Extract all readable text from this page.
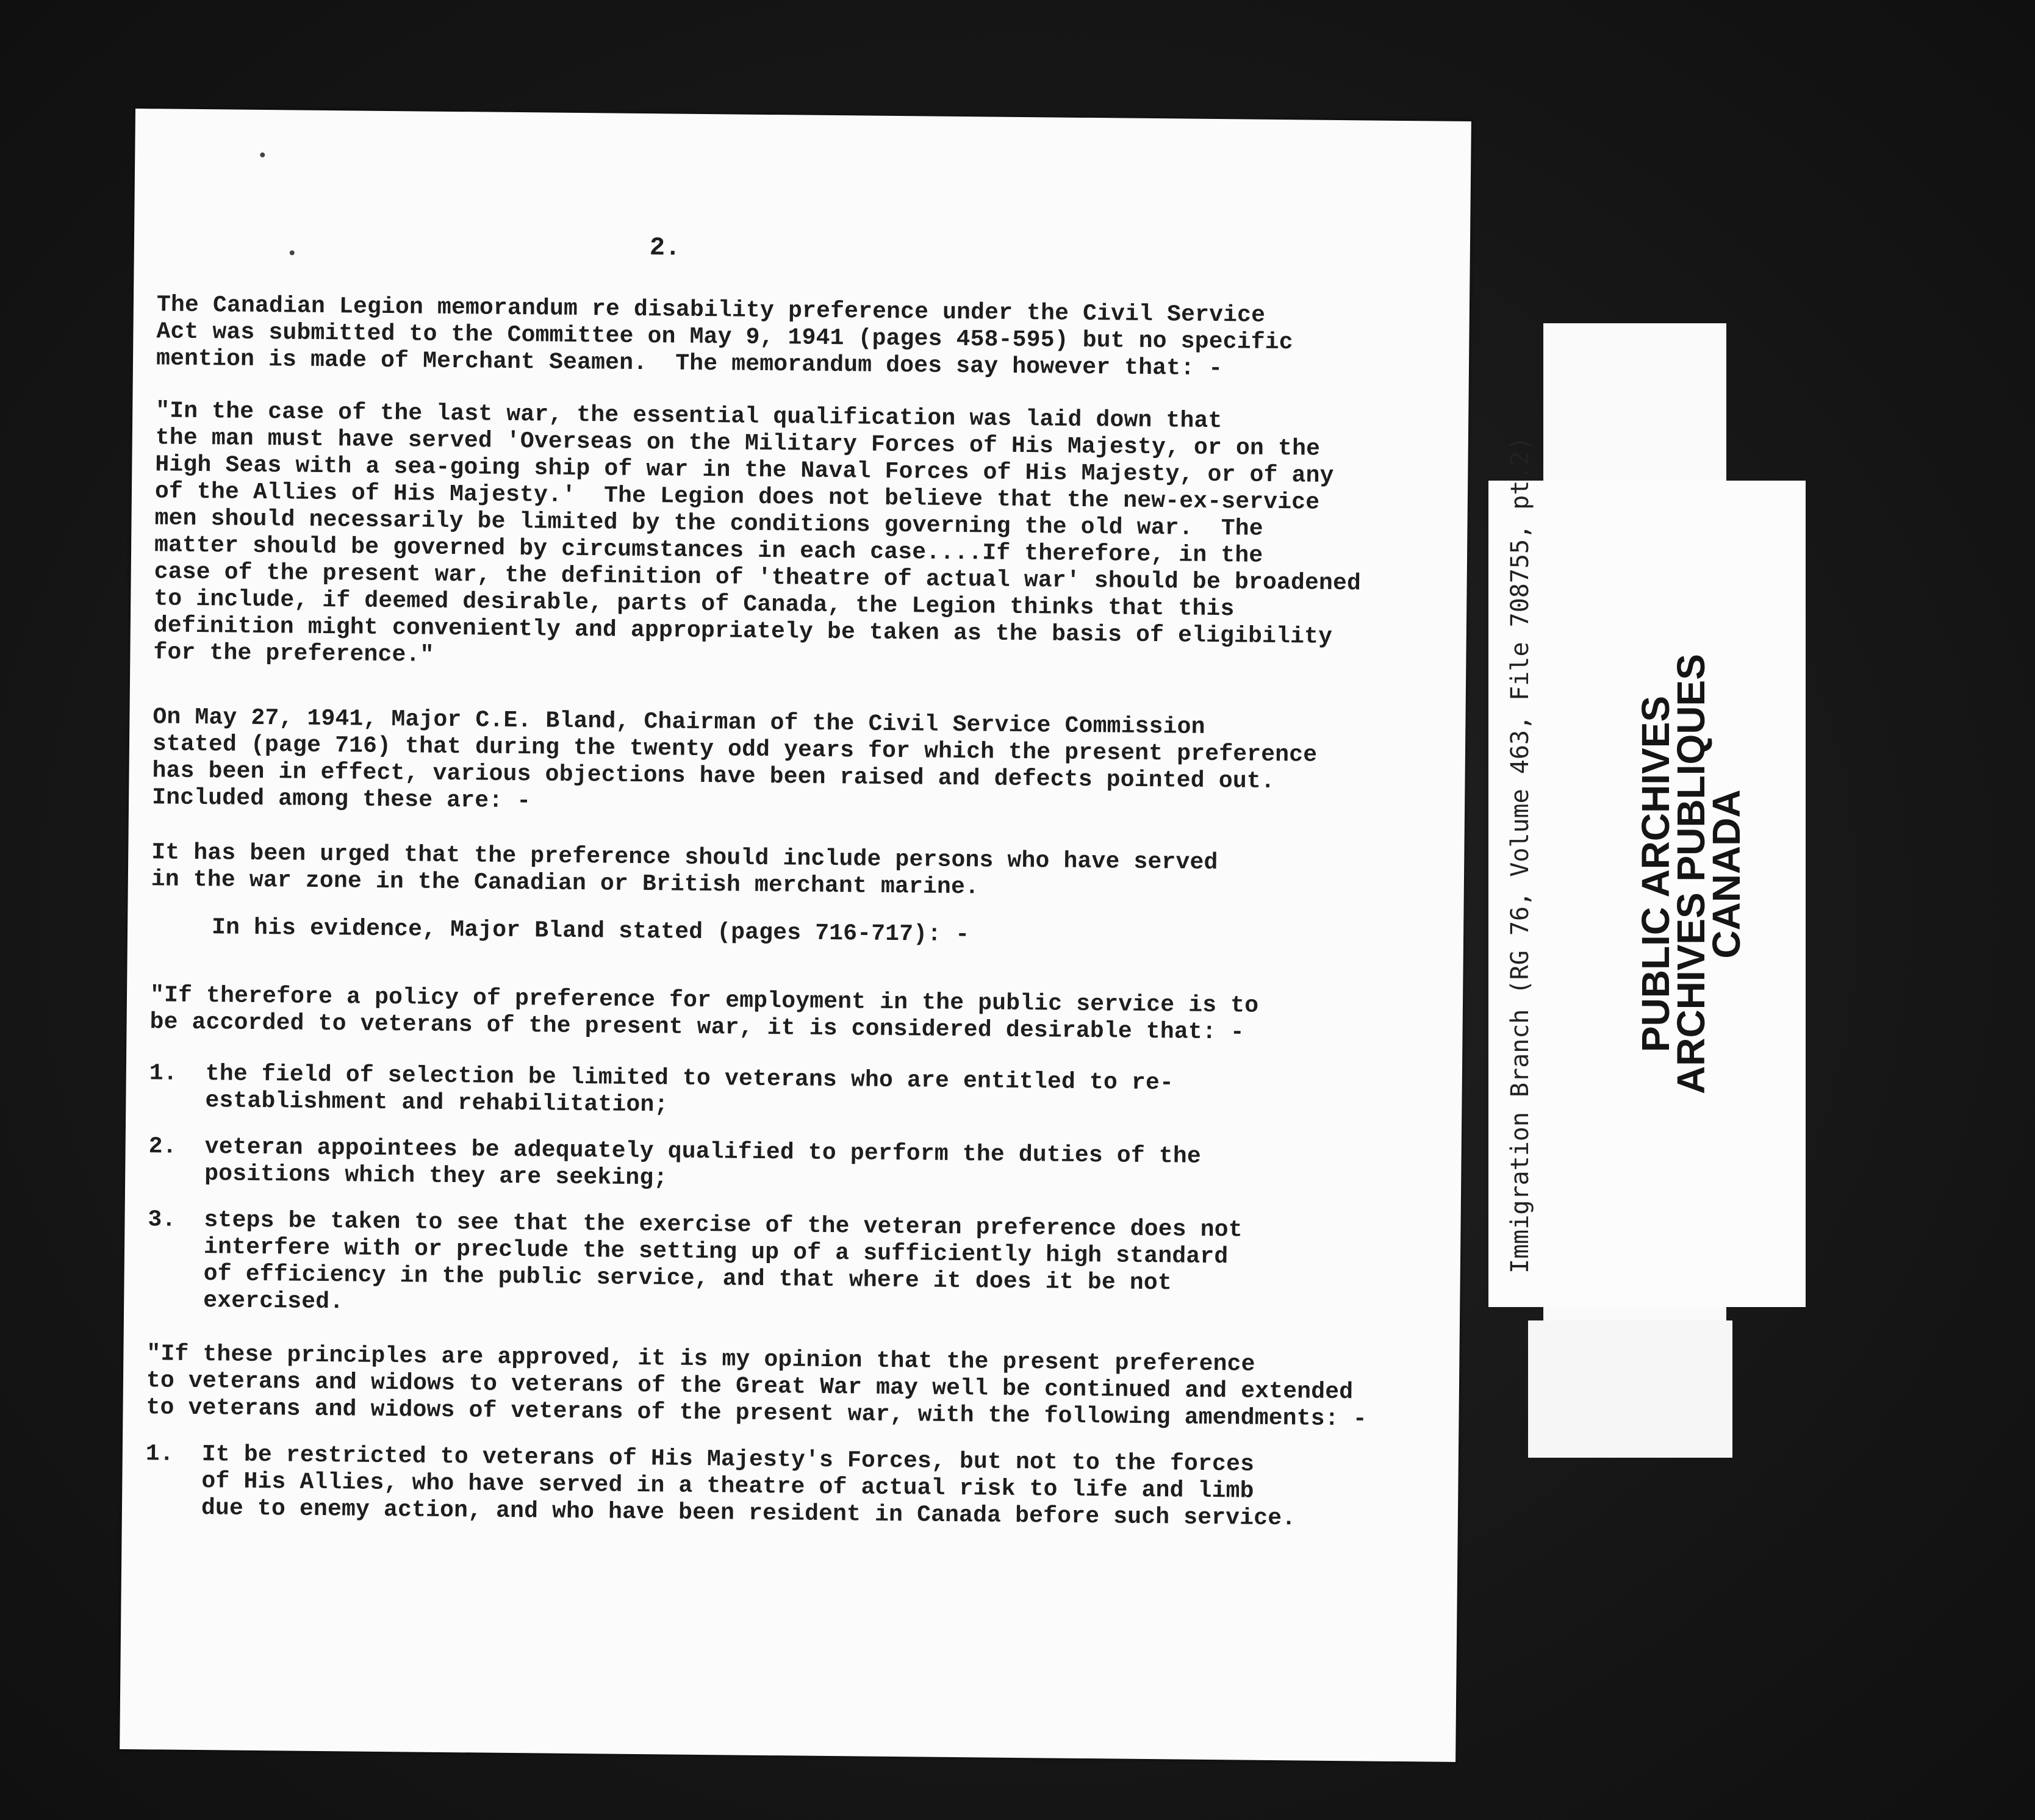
Immigration Branch (RG 76, Volume 463, File 708755, pt.2)	PUBLIC ARCHIVES
ARCHIVES PUBLIQUES
CANADA
2.
The Canadian Legion memorandum re disability preference under the Civil Service
Act was submitted to the Committee on May 9, 1941 (pages 458-595) but no specific
mention is made of Merchant Seamen.  The memorandum does say however that: -
"In the case of the last war, the essential qualification was laid down that
the man must have served 'Overseas on the Military Forces of His Majesty, or on the
High Seas with a sea-going ship of war in the Naval Forces of His Majesty, or of any
of the Allies of His Majesty.'  The Legion does not believe that the new-ex-service
men should necessarily be limited by the conditions governing the old war.  The
matter should be governed by circumstances in each case....If therefore, in the
case of the present war, the definition of 'theatre of actual war' should be broadened
to include, if deemed desirable, parts of Canada, the Legion thinks that this
definition might conveniently and appropriately be taken as the basis of eligibility
for the preference."
On May 27, 1941, Major C.E. Bland, Chairman of the Civil Service Commission
stated (page 716) that during the twenty odd years for which the present preference
has been in effect, various objections have been raised and defects pointed out.
Included among these are: -
It has been urged that the preference should include persons who have served
in the war zone in the Canadian or British merchant marine.
In his evidence, Major Bland stated (pages 716-717): -
"If therefore a policy of preference for employment in the public service is to
be accorded to veterans of the present war, it is considered desirable that: -
1.  the field of selection be limited to veterans who are entitled to re-
establishment and rehabilitation;
2.  veteran appointees be adequately qualified to perform the duties of the
positions which they are seeking;
3.  steps be taken to see that the exercise of the veteran preference does not
interfere with or preclude the setting up of a sufficiently high standard
of efficiency in the public service, and that where it does it be not
exercised.
"If these principles are approved, it is my opinion that the present preference
to veterans and widows to veterans of the Great War may well be continued and extended
to veterans and widows of veterans of the present war, with the following amendments: -
1.  It be restricted to veterans of His Majesty's Forces, but not to the forces
of His Allies, who have served in a theatre of actual risk to life and limb
due to enemy action, and who have been resident in Canada before such service.
